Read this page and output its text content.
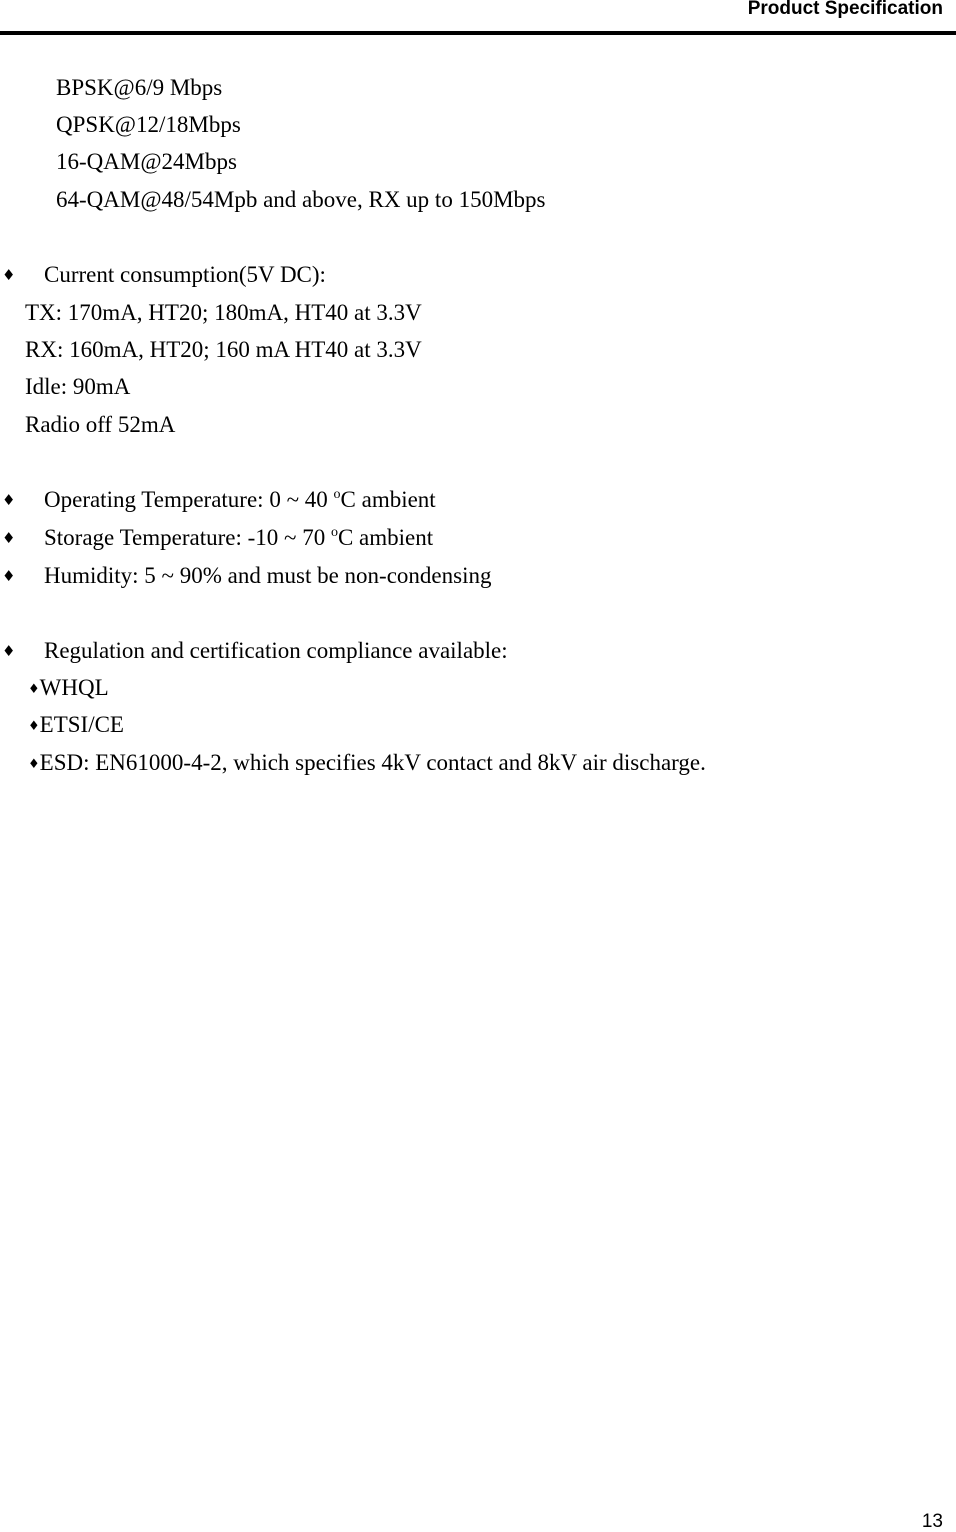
Product Specification
BPSK@6/9 Mbps
QPSK@12/18Mbps
16-QAM@24Mbps
64-QAM@48/54Mpb and above, RX up to 150Mbps
♦ Current consumption(5V DC):
TX: 170mA, HT20; 180mA, HT40 at 3.3V
RX: 160mA, HT20; 160 mA HT40 at 3.3V
Idle: 90mA
Radio off 52mA
♦ Operating Temperature: 0 ~ 40 $^o$C ambient
♦ Storage Temperature: -10 ~ 70 $^o$C ambient
♦ Humidity: 5 ~ 90% and must be non-condensing
♦ Regulation and certification compliance available:
♦WHQL
♦ETSI/CE
♦ESD: EN61000-4-2, which specifies 4kV contact and 8kV air discharge.
13
